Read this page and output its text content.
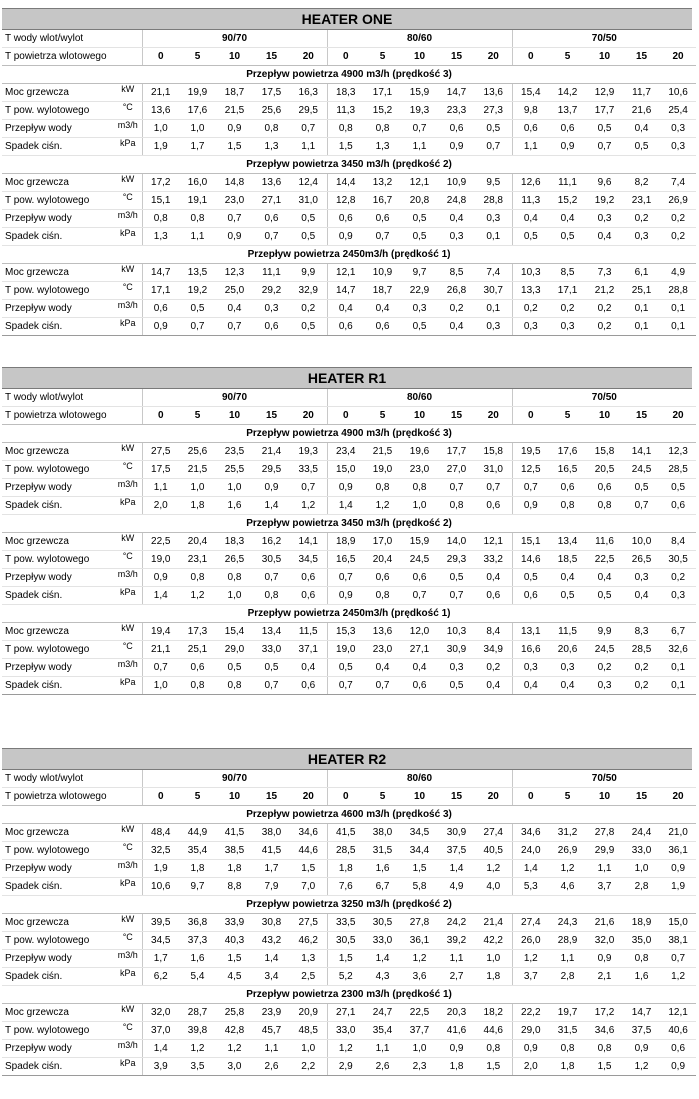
HEATER ONE
T wody wlot/wylot		90/70					80/60					70/50				
T powietrza wlotowego		0	5	10	15	20	0	5	10	15	20	0	5	10	15	20
Przepływ powietrza 4900 m3/h (prędkość 3)																
Moc grzewcza	kW	21,1	19,9	18,7	17,5	16,3	18,3	17,1	15,9	14,7	13,6	15,4	14,2	12,9	11,7	10,6
T pow. wylotowego	°C	13,6	17,6	21,5	25,6	29,5	11,3	15,2	19,3	23,3	27,3	9,8	13,7	17,7	21,6	25,4
Przepływ wody	m3/h	1,0	1,0	0,9	0,8	0,7	0,8	0,8	0,7	0,6	0,5	0,6	0,6	0,5	0,4	0,3
Spadek ciśn.	kPa	1,9	1,7	1,5	1,3	1,1	1,5	1,3	1,1	0,9	0,7	1,1	0,9	0,7	0,5	0,3
Przepływ powietrza 3450 m3/h (prędkość 2)																
Moc grzewcza	kW	17,2	16,0	14,8	13,6	12,4	14,4	13,2	12,1	10,9	9,5	12,6	11,1	9,6	8,2	7,4
T pow. wylotowego	°C	15,1	19,1	23,0	27,1	31,0	12,8	16,7	20,8	24,8	28,8	11,3	15,2	19,2	23,1	26,9
Przepływ wody	m3/h	0,8	0,8	0,7	0,6	0,5	0,6	0,6	0,5	0,4	0,3	0,4	0,4	0,3	0,2	0,2
Spadek ciśn.	kPa	1,3	1,1	0,9	0,7	0,5	0,9	0,7	0,5	0,3	0,1	0,5	0,5	0,4	0,3	0,2
Przepływ powietrza 2450m3/h (prędkość 1)																
Moc grzewcza	kW	14,7	13,5	12,3	11,1	9,9	12,1	10,9	9,7	8,5	7,4	10,3	8,5	7,3	6,1	4,9
T pow. wylotowego	°C	17,1	19,2	25,0	29,2	32,9	14,7	18,7	22,9	26,8	30,7	13,3	17,1	21,2	25,1	28,8
Przepływ wody	m3/h	0,6	0,5	0,4	0,3	0,2	0,4	0,4	0,3	0,2	0,1	0,2	0,2	0,2	0,1	0,1
Spadek ciśn.	kPa	0,9	0,7	0,7	0,6	0,5	0,6	0,6	0,5	0,4	0,3	0,3	0,3	0,2	0,1	0,1
HEATER R1
T wody wlot/wylot		90/70					80/60					70/50				
T powietrza wlotowego		0	5	10	15	20	0	5	10	15	20	0	5	10	15	20
Przepływ powietrza 4900 m3/h (prędkość 3)																
Moc grzewcza	kW	27,5	25,6	23,5	21,4	19,3	23,4	21,5	19,6	17,7	15,8	19,5	17,6	15,8	14,1	12,3
T pow. wylotowego	°C	17,5	21,5	25,5	29,5	33,5	15,0	19,0	23,0	27,0	31,0	12,5	16,5	20,5	24,5	28,5
Przepływ wody	m3/h	1,1	1,0	1,0	0,9	0,7	0,9	0,8	0,8	0,7	0,7	0,7	0,6	0,6	0,5	0,5
Spadek ciśn.	kPa	2,0	1,8	1,6	1,4	1,2	1,4	1,2	1,0	0,8	0,6	0,9	0,8	0,8	0,7	0,6
Przepływ powietrza 3450 m3/h (prędkość 2)																
Moc grzewcza	kW	22,5	20,4	18,3	16,2	14,1	18,9	17,0	15,9	14,0	12,1	15,1	13,4	11,6	10,0	8,4
T pow. wylotowego	°C	19,0	23,1	26,5	30,5	34,5	16,5	20,4	24,5	29,3	33,2	14,6	18,5	22,5	26,5	30,5
Przepływ wody	m3/h	0,9	0,8	0,8	0,7	0,6	0,7	0,6	0,6	0,5	0,4	0,5	0,4	0,4	0,3	0,2
Spadek ciśn.	kPa	1,4	1,2	1,0	0,8	0,6	0,9	0,8	0,7	0,7	0,6	0,6	0,5	0,5	0,4	0,3
Przepływ powietrza 2450m3/h (prędkość 1)																
Moc grzewcza	kW	19,4	17,3	15,4	13,4	11,5	15,3	13,6	12,0	10,3	8,4	13,1	11,5	9,9	8,3	6,7
T pow. wylotowego	°C	21,1	25,1	29,0	33,0	37,1	19,0	23,0	27,1	30,9	34,9	16,6	20,6	24,5	28,5	32,6
Przepływ wody	m3/h	0,7	0,6	0,5	0,5	0,4	0,5	0,4	0,4	0,3	0,2	0,3	0,3	0,2	0,2	0,1
Spadek ciśn.	kPa	1,0	0,8	0,8	0,7	0,6	0,7	0,7	0,6	0,5	0,4	0,4	0,4	0,3	0,2	0,1
HEATER R2
T wody wlot/wylot		90/70					80/60					70/50				
T powietrza wlotowego		0	5	10	15	20	0	5	10	15	20	0	5	10	15	20
Przepływ powietrza 4600 m3/h (prędkość 3)																
Moc grzewcza	kW	48,4	44,9	41,5	38,0	34,6	41,5	38,0	34,5	30,9	27,4	34,6	31,2	27,8	24,4	21,0
T pow. wylotowego	°C	32,5	35,4	38,5	41,5	44,6	28,5	31,5	34,4	37,5	40,5	24,0	26,9	29,9	33,0	36,1
Przepływ wody	m3/h	1,9	1,8	1,8	1,7	1,5	1,8	1,6	1,5	1,4	1,2	1,4	1,2	1,1	1,0	0,9
Spadek ciśn.	kPa	10,6	9,7	8,8	7,9	7,0	7,6	6,7	5,8	4,9	4,0	5,3	4,6	3,7	2,8	1,9
Przepływ powietrza 3250 m3/h (prędkość 2)																
Moc grzewcza	kW	39,5	36,8	33,9	30,8	27,5	33,5	30,5	27,8	24,2	21,4	27,4	24,3	21,6	18,9	15,0
T pow. wylotowego	°C	34,5	37,3	40,3	43,2	46,2	30,5	33,0	36,1	39,2	42,2	26,0	28,9	32,0	35,0	38,1
Przepływ wody	m3/h	1,7	1,6	1,5	1,4	1,3	1,5	1,4	1,2	1,1	1,0	1,2	1,1	0,9	0,8	0,7
Spadek ciśn.	kPa	6,2	5,4	4,5	3,4	2,5	5,2	4,3	3,6	2,7	1,8	3,7	2,8	2,1	1,6	1,2
Przepływ powietrza 2300 m3/h (prędkość 1)																
Moc grzewcza	kW	32,0	28,7	25,8	23,9	20,9	27,1	24,7	22,5	20,3	18,2	22,2	19,7	17,2	14,7	12,1
T pow. wylotowego	°C	37,0	39,8	42,8	45,7	48,5	33,0	35,4	37,7	41,6	44,6	29,0	31,5	34,6	37,5	40,6
Przepływ wody	m3/h	1,4	1,2	1,2	1,1	1,0	1,2	1,1	1,0	0,9	0,8	0,9	0,8	0,8	0,9	0,6
Spadek ciśn.	kPa	3,9	3,5	3,0	2,6	2,2	2,9	2,6	2,3	1,8	1,5	2,0	1,8	1,5	1,2	0,9
